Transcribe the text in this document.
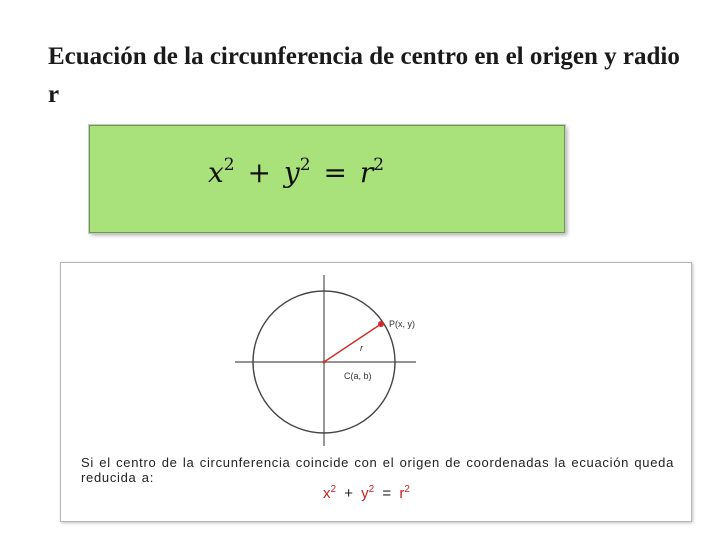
Ecuación de la circunferencia de centro en el origen y radio r
$x^2 + y^2 = r^2$
P(x, y)
r
C(a, b)

Si el centro de la circunferencia coincide con el origen de coordenadas la ecuación queda reducida a:

$x^2 + y^2 = r^2$
